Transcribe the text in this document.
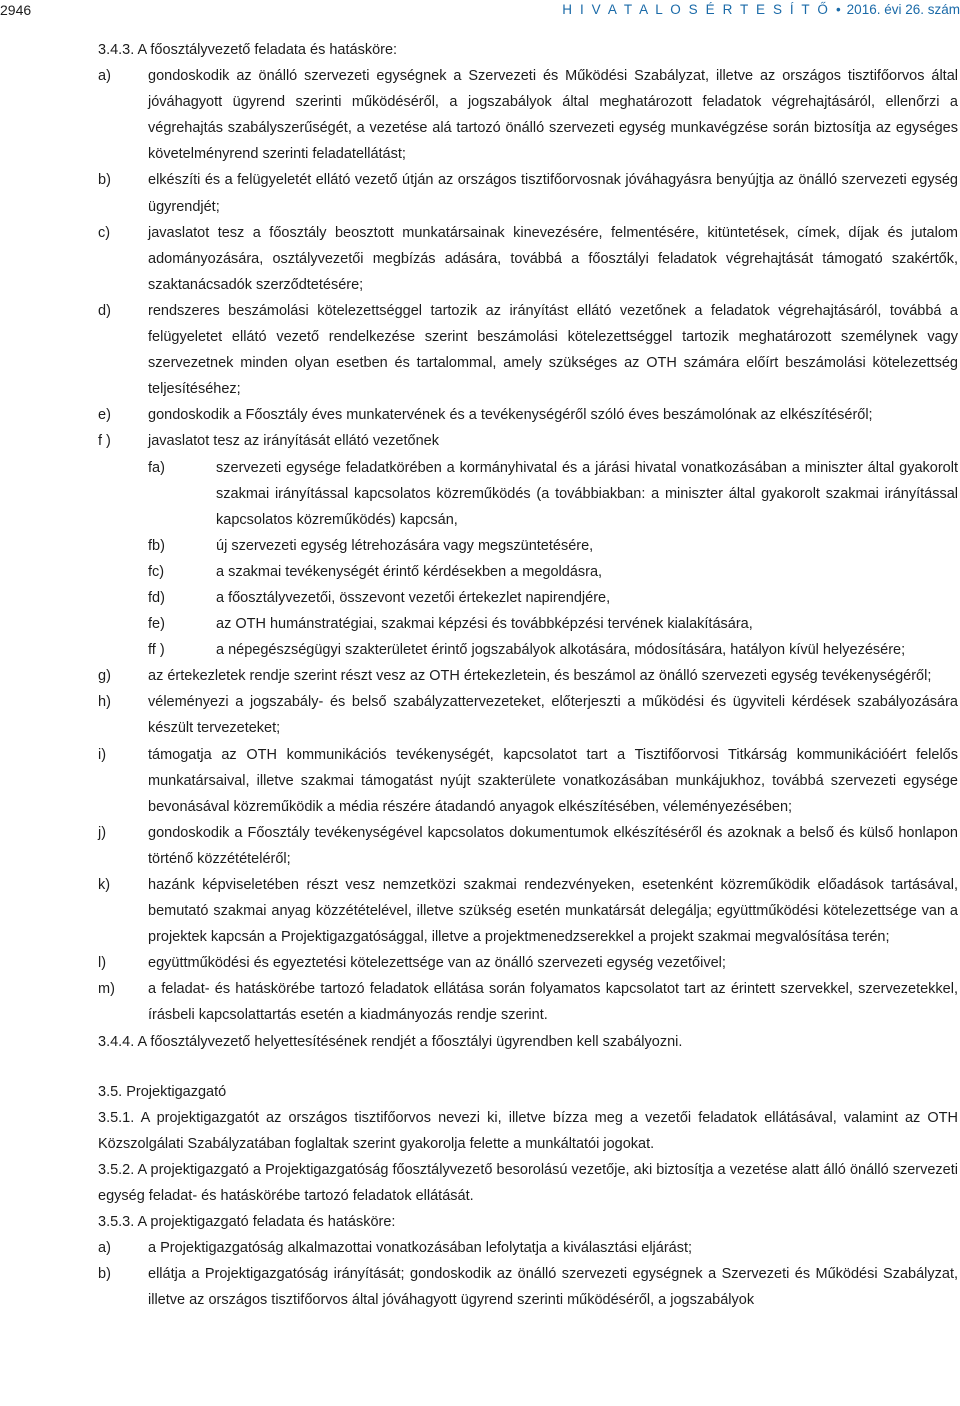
2946	H I V A T A L O S É R T E S Í T Ő • 2016. évi 26. szám
3.4.3. A főosztályvezető feladata és hatásköre:
a)	gondoskodik az önálló szervezeti egységnek a Szervezeti és Működési Szabályzat, illetve az országos tisztifőorvos által jóváhagyott ügyrend szerinti működéséről, a jogszabályok által meghatározott feladatok végrehajtásáról, ellenőrzi a végrehajtás szabályszerűségét, a vezetése alá tartozó önálló szervezeti egység munkavégzése során biztosítja az egységes követelményrend szerinti feladatellátást;
b)	elkészíti és a felügyeletét ellátó vezető útján az országos tisztifőorvosnak jóváhagyásra benyújtja az önálló szervezeti egység ügyrendjét;
c)	javaslatot tesz a főosztály beosztott munkatársainak kinevezésére, felmentésére, kitüntetések, címek, díjak és jutalom adományozására, osztályvezetői megbízás adására, továbbá a főosztályi feladatok végrehajtását támogató szakértők, szaktanácsadók szerződtetésére;
d)	rendszeres beszámolási kötelezettséggel tartozik az irányítást ellátó vezetőnek a feladatok végrehajtásáról, továbbá a felügyeletet ellátó vezető rendelkezése szerint beszámolási kötelezettséggel tartozik meghatározott személynek vagy szervezetnek minden olyan esetben és tartalommal, amely szükséges az OTH számára előírt beszámolási kötelezettség teljesítéséhez;
e)	gondoskodik a Főosztály éves munkatervének és a tevékenységéről szóló éves beszámolónak az elkészítéséről;
f )	javaslatot tesz az irányítását ellátó vezetőnek
fa)	szervezeti egysége feladatkörében a kormányhivatal és a járási hivatal vonatkozásában a miniszter által gyakorolt szakmai irányítással kapcsolatos közreműködés (a továbbiakban: a miniszter által gyakorolt szakmai irányítással kapcsolatos közreműködés) kapcsán,
fb)	új szervezeti egység létrehozására vagy megszüntetésére,
fc)	a szakmai tevékenységét érintő kérdésekben a megoldásra,
fd)	a főosztályvezetői, összevont vezetői értekezlet napirendjére,
fe)	az OTH humánstratégiai, szakmai képzési és továbbképzési tervének kialakítására,
ff )	a népegészségügyi szakterületet érintő jogszabályok alkotására, módosítására, hatályon kívül helyezésére;
g)	az értekezletek rendje szerint részt vesz az OTH értekezletein, és beszámol az önálló szervezeti egység tevékenységéről;
h)	véleményezi a jogszabály- és belső szabályzattervezeteket, előterjeszti a működési és ügyviteli kérdések szabályozására készült tervezeteket;
i)	támogatja az OTH kommunikációs tevékenységét, kapcsolatot tart a Tisztifőorvosi Titkárság kommunikációért felelős munkatársaival, illetve szakmai támogatást nyújt szakterülete vonatkozásában munkájukhoz, továbbá szervezeti egysége bevonásával közreműködik a média részére átadandó anyagok elkészítésében, véleményezésében;
j)	gondoskodik a Főosztály tevékenységével kapcsolatos dokumentumok elkészítéséről és azoknak a belső és külső honlapon történő közzétételéről;
k)	hazánk képviseletében részt vesz nemzetközi szakmai rendezvényeken, esetenként közreműködik előadások tartásával, bemutató szakmai anyag közzétételével, illetve szükség esetén munkatársát delegálja; együttműködési kötelezettsége van a projektek kapcsán a Projektigazgatósággal, illetve a projektmenedzserekkel a projekt szakmai megvalósítása terén;
l)	együttműködési és egyeztetési kötelezettsége van az önálló szervezeti egység vezetőivel;
m)	a feladat- és hatáskörébe tartozó feladatok ellátása során folyamatos kapcsolatot tart az érintett szervekkel, szervezetekkel, írásbeli kapcsolattartás esetén a kiadmányozás rendje szerint.
3.4.4. A főosztályvezető helyettesítésének rendjét a főosztályi ügyrendben kell szabályozni.
3.5. Projektigazgató
3.5.1. A projektigazgatót az országos tisztifőorvos nevezi ki, illetve bízza meg a vezetői feladatok ellátásával, valamint az OTH Közszolgálati Szabályzatában foglaltak szerint gyakorolja felette a munkáltatói jogokat.
3.5.2. A projektigazgató a Projektigazgatóság főosztályvezető besorolású vezetője, aki biztosítja a vezetése alatt álló önálló szervezeti egység feladat- és hatáskörébe tartozó feladatok ellátását.
3.5.3. A projektigazgató feladata és hatásköre:
a)	a Projektigazgatóság alkalmazottai vonatkozásában lefolytatja a kiválasztási eljárást;
b)	ellátja a Projektigazgatóság irányítását; gondoskodik az önálló szervezeti egységnek a Szervezeti és Működési Szabályzat, illetve az országos tisztifőorvos által jóváhagyott ügyrend szerinti működéséről, a jogszabályok
